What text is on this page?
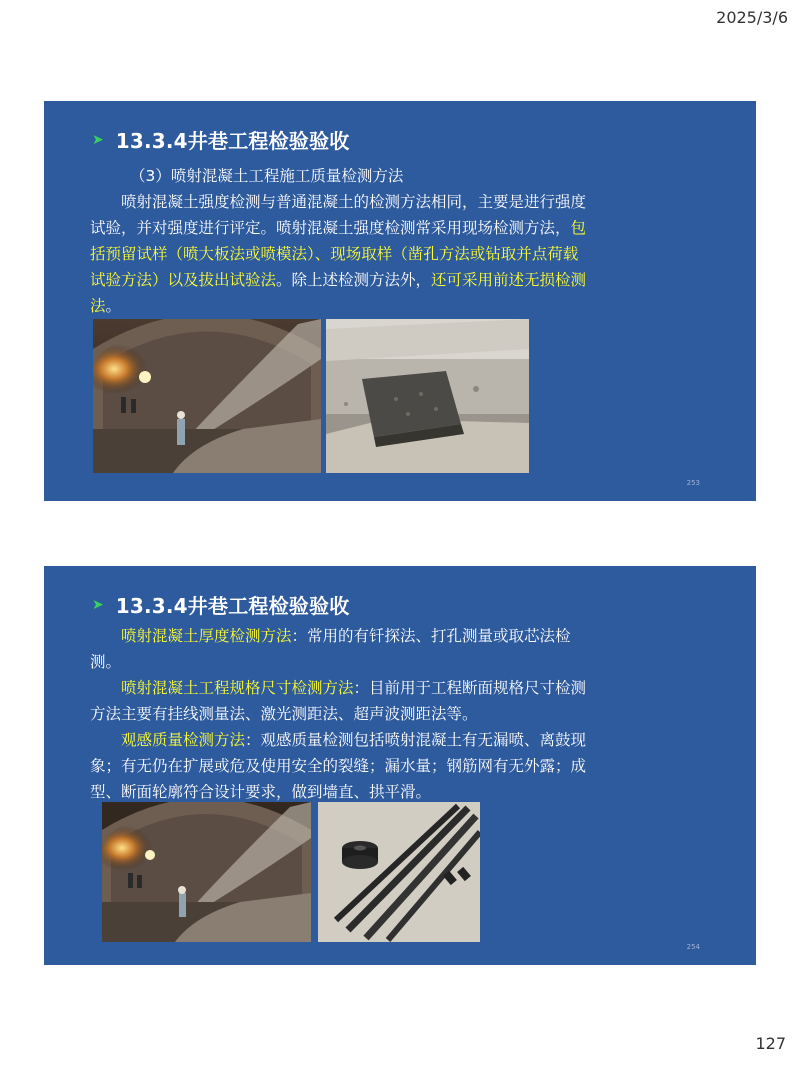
2025/3/6
➤ 13.3.4井巷工程检验验收

（3）喷射混凝土工程施工质量检测方法

喷射混凝土强度检测与普通混凝土的检测方法相同，主要是进行强度试验，并对强度进行评定。喷射混凝土强度检测常采用现场检测方法，包括预留试样（喷大板法或喷模法）、现场取样（凿孔方法或钻取并点荷载试验方法）以及拔出试验法。除上述检测方法外，还可采用前述无损检测法。

253
➤ 13.3.4井巷工程检验验收

喷射混凝土厚度检测方法：常用的有钎探法、打孔测量或取芯法检测。

喷射混凝土工程规格尺寸检测方法：目前用于工程断面规格尺寸检测方法主要有挂线测量法、激光测距法、超声波测距法等。

观感质量检测方法：观感质量检测包括喷射混凝土有无漏喷、离鼓现象；有无仍在扩展或危及使用安全的裂缝；漏水量；钢筋网有无外露；成型、断面轮廓符合设计要求，做到墙直、拱平滑。

254
127
